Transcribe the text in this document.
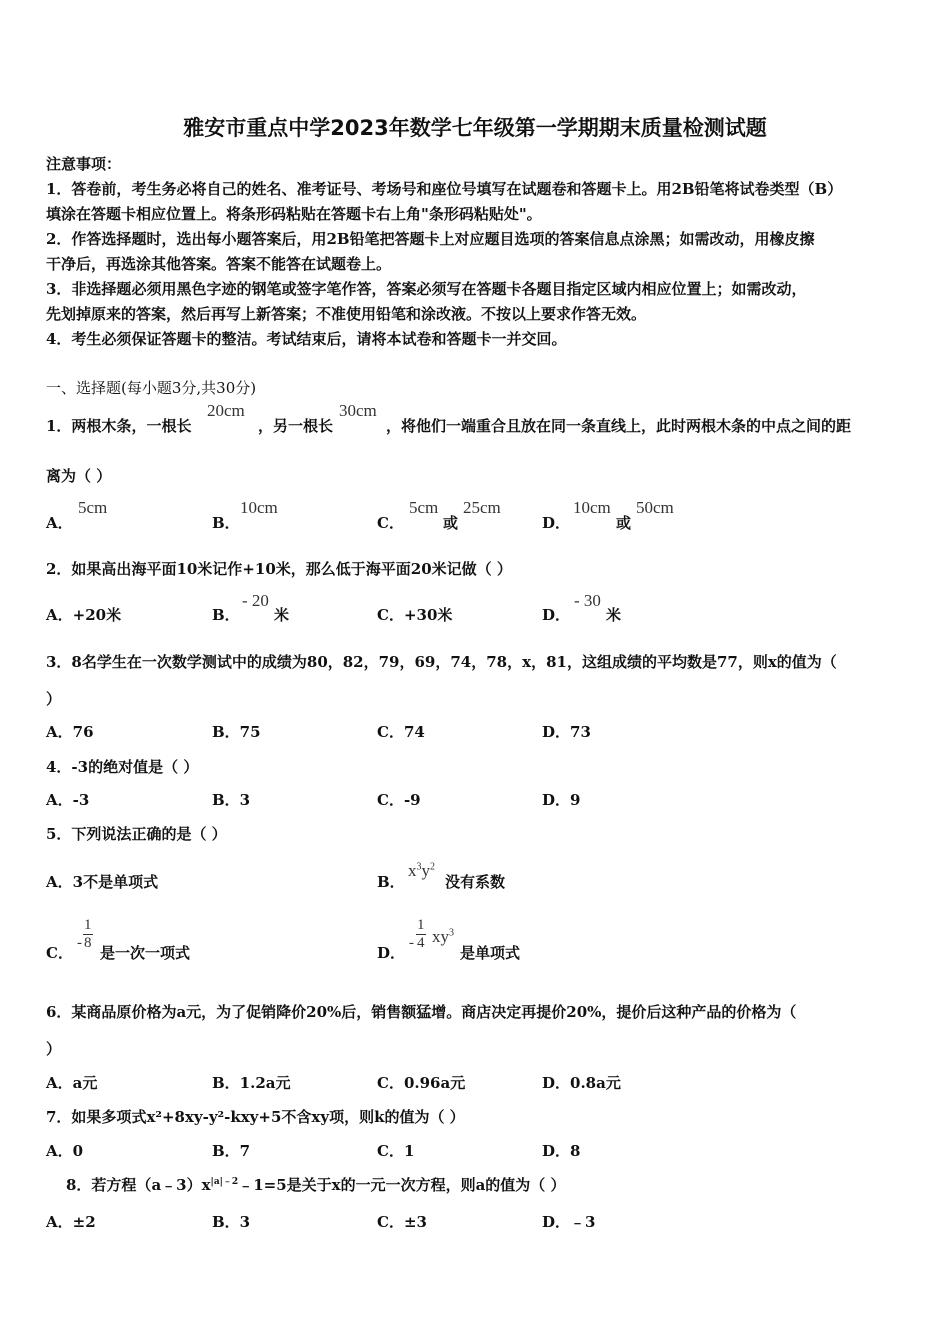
雅安市重点中学2023年数学七年级第一学期期末质量检测试题
注意事项：
1．答卷前，考生务必将自己的姓名、准考证号、考场号和座位号填写在试题卷和答题卡上。用2B铅笔将试卷类型（B）
填涂在答题卡相应位置上。将条形码粘贴在答题卡右上角"条形码粘贴处"。
2．作答选择题时，选出每小题答案后，用2B铅笔把答题卡上对应题目选项的答案信息点涂黑；如需改动，用橡皮擦
干净后，再选涂其他答案。答案不能答在试题卷上。
3．非选择题必须用黑色字迹的钢笔或签字笔作答，答案必须写在答题卡各题目指定区域内相应位置上；如需改动，
先划掉原来的答案，然后再写上新答案；不准使用铅笔和涂改液。不按以上要求作答无效。
4．考生必须保证答题卡的整洁。考试结束后，请将本试卷和答题卡一并交回。
一、选择题(每小题3分,共30分)
1．两根木条，一根长
20cm
，另一根长
30cm
，将他们一端重合且放在同一条直线上，此时两根木条的中点之间的距
离为（ ）
A．
5cm
B．
10cm
C．
5cm
或
25cm
D．
10cm
或
50cm
2．如果高出海平面10米记作+10米，那么低于海平面20米记做（ ）
A．+20米	B．
- 20
米	C．+30米	D．
- 30
米
3．8名学生在一次数学测试中的成绩为80，82，79，69，74，78，x，81，这组成绩的平均数是77，则x的值为（
）
A．76	B．75	C．74	D．73
4．-3的绝对值是（ ）
A．-3	B．3	C．-9	D．9
5．下列说法正确的是（ ）
A．3不是单项式	B．
$x^3y^2$
没有系数
C．
- $\frac{1}{8}$
是一次一项式	D．
- $\frac{1}{4} xy^3$
是单项式
6．某商品原价格为a元，为了促销降价20%后，销售额猛增。商店决定再提价20%，提价后这种产品的价格为（
）
A．a元	B．1.2a元	C．0.96a元	D．0.8a元
7．如果多项式x²+8xy-y²-kxy+5不含xy项，则k的值为（ ）
A．0	B．7	C．1	D．8
8．若方程$(a﹣3)x^{|a|﹣2}﹣1=5$是关于x的一元一次方程，则a的值为（ ）
A．±2	B．3	C．±3	D．﹣3
